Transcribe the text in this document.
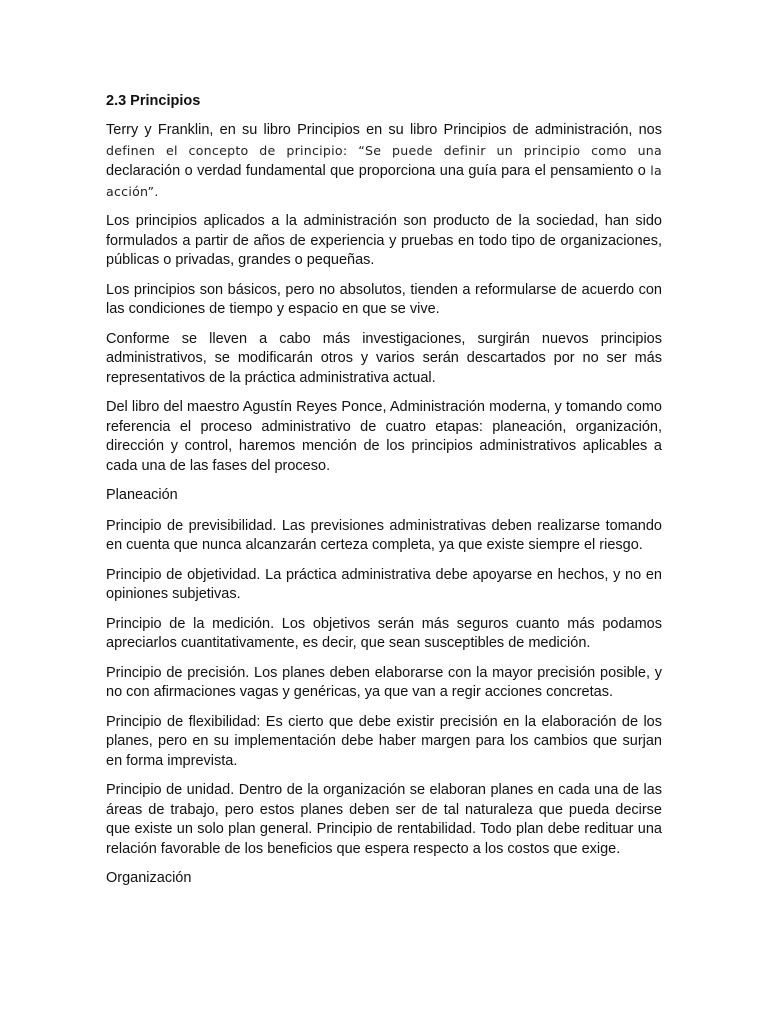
2.3 Principios
Terry y Franklin, en su libro Principios en su libro Principios de administración, nos definen el concepto de principio: “Se puede definir un principio como una declaración o verdad fundamental que proporciona una guía para el pensamiento o la acción”.

Los principios aplicados a la administración son producto de la sociedad, han sido formulados a partir de años de experiencia y pruebas en todo tipo de organizaciones, públicas o privadas, grandes o pequeñas.

Los principios son básicos, pero no absolutos, tienden a reformularse de acuerdo con las condiciones de tiempo y espacio en que se vive.

Conforme se lleven a cabo más investigaciones, surgirán nuevos principios administrativos, se modificarán otros y varios serán descartados por no ser más representativos de la práctica administrativa actual.

Del libro del maestro Agustín Reyes Ponce, Administración moderna, y tomando como referencia el proceso administrativo de cuatro etapas: planeación, organización, dirección y control, haremos mención de los principios administrativos aplicables a cada una de las fases del proceso.

Planeación

Principio de previsibilidad. Las previsiones administrativas deben realizarse tomando en cuenta que nunca alcanzarán certeza completa, ya que existe siempre el riesgo.

Principio de objetividad. La práctica administrativa debe apoyarse en hechos, y no en opiniones subjetivas.

Principio de la medición. Los objetivos serán más seguros cuanto más podamos apreciarlos cuantitativamente, es decir, que sean susceptibles de medición.

Principio de precisión. Los planes deben elaborarse con la mayor precisión posible, y no con afirmaciones vagas y genéricas, ya que van a regir acciones concretas.

Principio de flexibilidad: Es cierto que debe existir precisión en la elaboración de los planes, pero en su implementación debe haber margen para los cambios que surjan en forma imprevista.

Principio de unidad. Dentro de la organización se elaboran planes en cada una de las áreas de trabajo, pero estos planes deben ser de tal naturaleza que pueda decirse que existe un solo plan general. Principio de rentabilidad. Todo plan debe redituar una relación favorable de los beneficios que espera respecto a los costos que exige.

Organización
